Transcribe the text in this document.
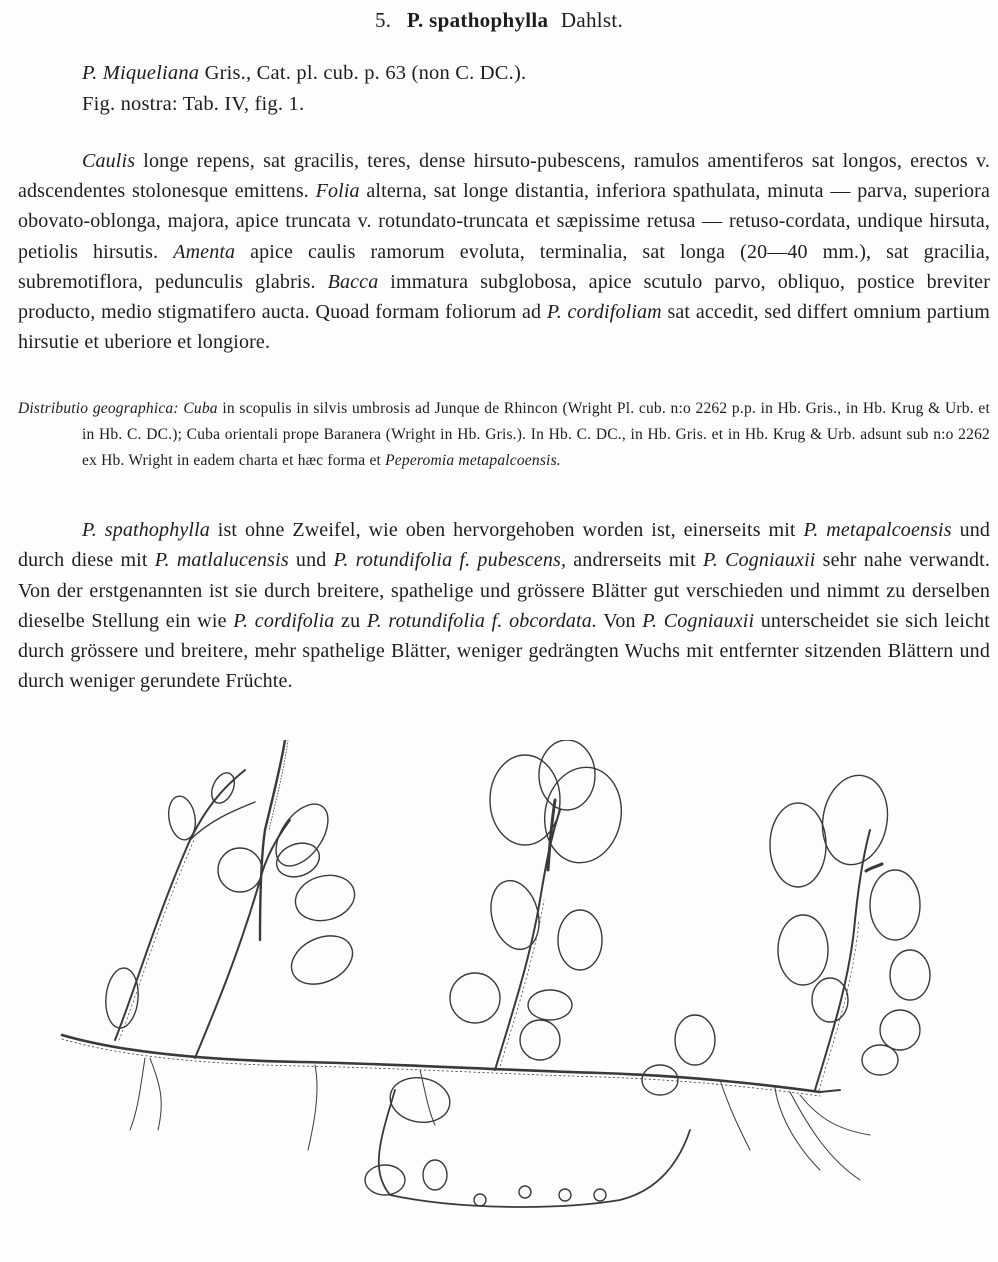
5. P. spathophylla Dahlst.
P. Miqueliana Gris., Cat. pl. cub. p. 63 (non C. DC.).
Fig. nostra: Tab. IV, fig. 1.

Caulis longe repens, sat gracilis, teres, dense hirsuto-pubescens, ramulos amentiferos sat longos, erectos v. adscendentes stolonesque emittens. Folia alterna, sat longe distantia, inferiora spathulata, minuta — parva, superiora obovato-oblonga, majora, apice truncata v. rotundato-truncata et sæpissime retusa — retuso-cordata, undique hirsuta, petiolis hirsutis. Amenta apice caulis ramorum evoluta, terminalia, sat longa (20—40 mm.), sat gracilia, subremotiflora, pedunculis glabris. Bacca immatura subglobosa, apice scutulo parvo, obliquo, postice breviter producto, medio stigmatifero aucta. Quoad formam foliorum ad P. cordifoliam sat accedit, sed differt omnium partium hirsutie et uberiore et longiore.

Distributio geographica: Cuba in scopulis in silvis umbrosis ad Junque de Rhincon (Wright Pl. cub. n:o 2262 p.p. in Hb. Gris., in Hb. Krug & Urb. et in Hb. C. DC.); Cuba orientali prope Baranera (Wright in Hb. Gris.). In Hb. C. DC., in Hb. Gris. et in Hb. Krug & Urb. adsunt sub n:o 2262 ex Hb. Wright in eadem charta et hæc forma et Peperomia metapalcoensis.

P. spathophylla ist ohne Zweifel, wie oben hervorgehoben worden ist, einerseits mit P. metapalcoensis und durch diese mit P. matlalucensis und P. rotundifolia f. pubescens, andrerseits mit P. Cogniauxii sehr nahe verwandt. Von der erstgenannten ist sie durch breitere, spathelige und grössere Blätter gut verschieden und nimmt zu derselben dieselbe Stellung ein wie P. cordifolia zu P. rotundifolia f. obcordata. Von P. Cogniauxii unterscheidet sie sich leicht durch grössere und breitere, mehr spathelige Blätter, weniger gedrängten Wuchs mit entfernter sitzenden Blättern und durch weniger gerundete Früchte.
